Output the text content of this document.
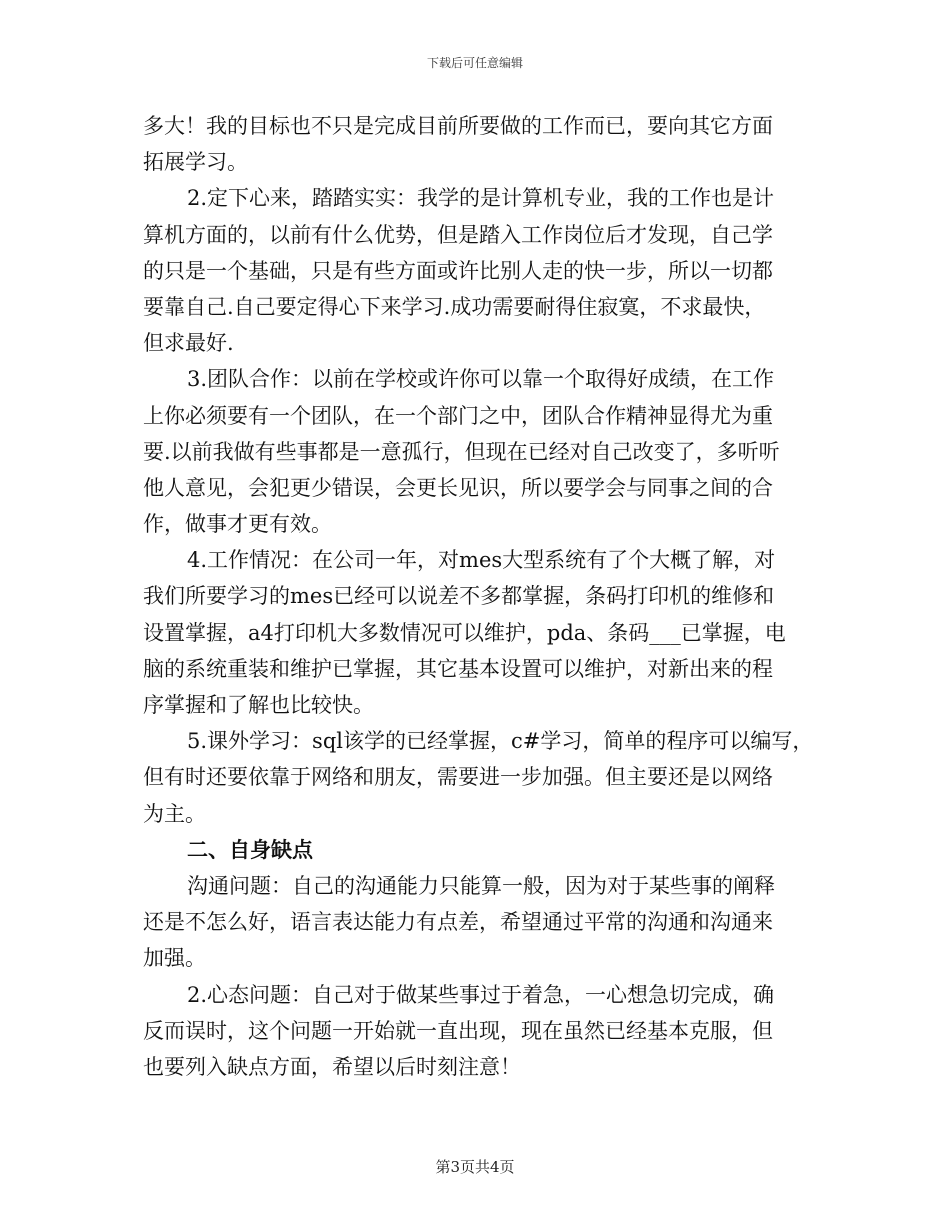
下载后可任意编辑
多大！我的目标也不只是完成目前所要做的工作而已，要向其它方面
拓展学习。
2.定下心来，踏踏实实：我学的是计算机专业，我的工作也是计
算机方面的，以前有什么优势，但是踏入工作岗位后才发现，自己学
的只是一个基础，只是有些方面或许比别人走的快一步，所以一切都
要靠自己.自己要定得心下来学习.成功需要耐得住寂寞，不求最快，
但求最好.
3.团队合作：以前在学校或许你可以靠一个取得好成绩，在工作
上你必须要有一个团队，在一个部门之中，团队合作精神显得尤为重
要.以前我做有些事都是一意孤行，但现在已经对自己改变了，多听听
他人意见，会犯更少错误，会更长见识，所以要学会与同事之间的合
作，做事才更有效。
4.工作情况：在公司一年，对mes大型系统有了个大概了解，对
我们所要学习的mes已经可以说差不多都掌握，条码打印机的维修和
设置掌握，a4打印机大多数情况可以维护，pda、条码___已掌握，电
脑的系统重装和维护已掌握，其它基本设置可以维护，对新出来的程
序掌握和了解也比较快。
5.课外学习：sql该学的已经掌握，c#学习，简单的程序可以编写，
但有时还要依靠于网络和朋友，需要进一步加强。但主要还是以网络
为主。
二、自身缺点
沟通问题：自己的沟通能力只能算一般，因为对于某些事的阐释
还是不怎么好，语言表达能力有点差，希望通过平常的沟通和沟通来
加强。
2.心态问题：自己对于做某些事过于着急，一心想急切完成，确
反而误时，这个问题一开始就一直出现，现在虽然已经基本克服，但
也要列入缺点方面，希望以后时刻注意！
第3页共4页
